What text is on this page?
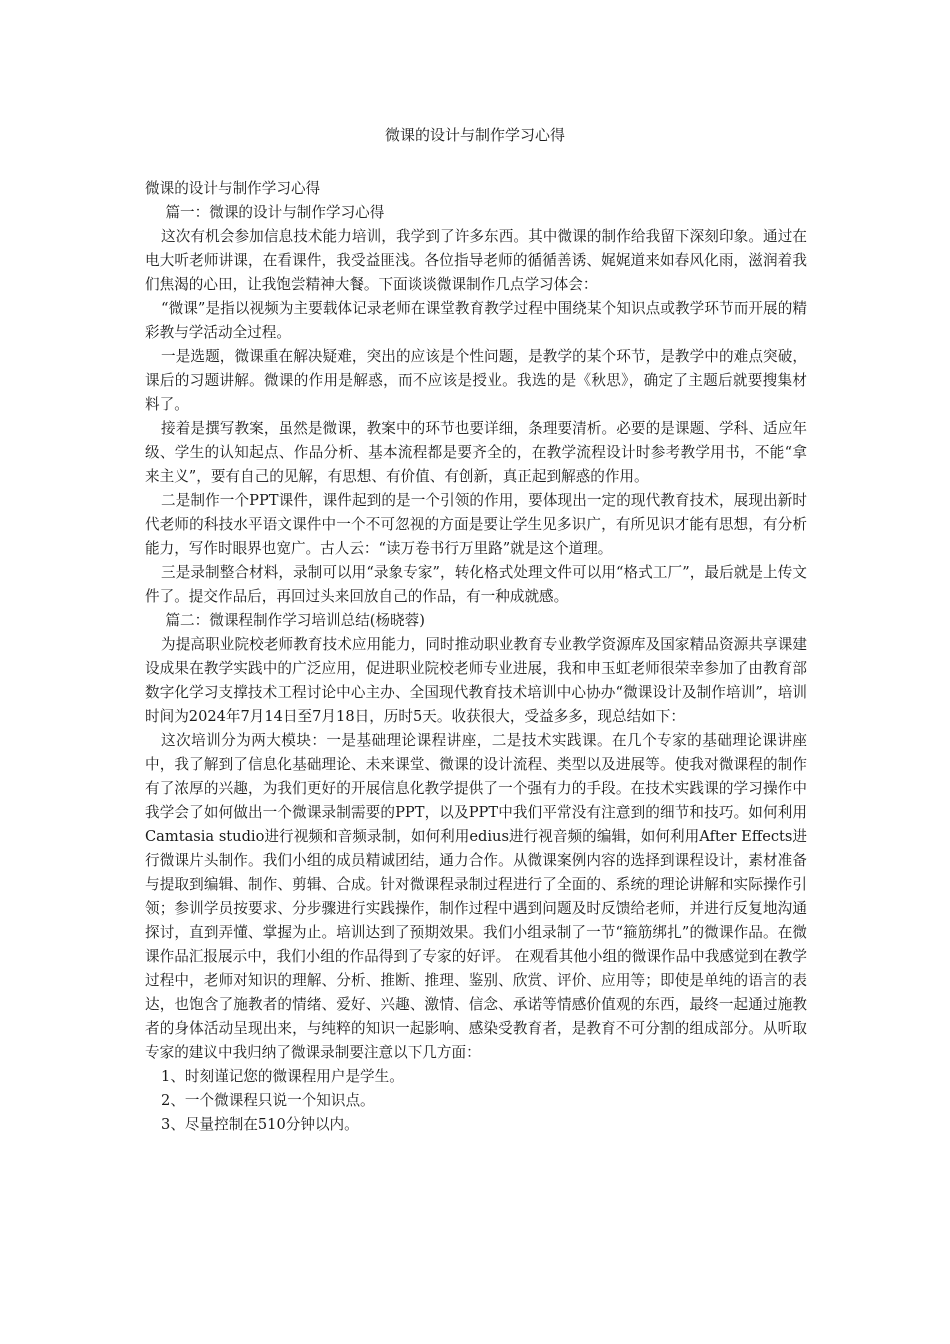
微课的设计与制作学习心得

微课的设计与制作学习心得

篇一：微课的设计与制作学习心得

这次有机会参加信息技术能力培训，我学到了许多东西。其中微课的制作给我留下深刻印象。通过在电大听老师讲课，在看课件，我受益匪浅。各位指导老师的循循善诱、娓娓道来如春风化雨，滋润着我们焦渴的心田，让我饱尝精神大餐。下面谈谈微课制作几点学习体会：

“微课”是指以视频为主要载体记录老师在课堂教育教学过程中围绕某个知识点或教学环节而开展的精彩教与学活动全过程。

一是选题，微课重在解决疑难，突出的应该是个性问题，是教学的某个环节，是教学中的难点突破，课后的习题讲解。微课的作用是解惑，而不应该是授业。我选的是《秋思》，确定了主题后就要搜集材料了。

接着是撰写教案，虽然是微课，教案中的环节也要详细，条理要清析。必要的是课题、学科、适应年级、学生的认知起点、作品分析、基本流程都是要齐全的，在教学流程设计时参考教学用书，不能“拿来主义”，要有自己的见解，有思想、有价值、有创新，真正起到解惑的作用。

二是制作一个PPT课件，课件起到的是一个引领的作用，要体现出一定的现代教育技术，展现出新时代老师的科技水平语文课件中一个不可忽视的方面是要让学生见多识广，有所见识才能有思想，有分析能力，写作时眼界也宽广。古人云：“读万卷书行万里路”就是这个道理。

三是录制整合材料，录制可以用“录象专家”，转化格式处理文件可以用“格式工厂”，最后就是上传文件了。提交作品后，再回过头来回放自己的作品，有一种成就感。

篇二：微课程制作学习培训总结(杨晓蓉)

为提高职业院校老师教育技术应用能力，同时推动职业教育专业教学资源库及国家精品资源共享课建设成果在教学实践中的广泛应用，促进职业院校老师专业进展，我和申玉虹老师很荣幸参加了由教育部数字化学习支撑技术工程讨论中心主办、全国现代教育技术培训中心协办“微课设计及制作培训”，培训时间为2024年7月14日至7月18日，历时5天。收获很大，受益多多，现总结如下：

这次培训分为两大模块：一是基础理论课程讲座，二是技术实践课。在几个专家的基础理论课讲座中，我了解到了信息化基础理论、未来课堂、微课的设计流程、类型以及进展等。使我对微课程的制作有了浓厚的兴趣，为我们更好的开展信息化教学提供了一个强有力的手段。在技术实践课的学习操作中我学会了如何做出一个微课录制需要的PPT，以及PPT中我们平常没有注意到的细节和技巧。如何利用Camtasia studio进行视频和音频录制，如何利用edius进行视音频的编辑，如何利用After Effects进行微课片头制作。我们小组的成员精诚团结，通力合作。从微课案例内容的选择到课程设计，素材准备与提取到编辑、制作、剪辑、合成。针对微课程录制过程进行了全面的、系统的理论讲解和实际操作引领；参训学员按要求、分步骤进行实践操作，制作过程中遇到问题及时反馈给老师，并进行反复地沟通探讨，直到弄懂、掌握为止。培训达到了预期效果。我们小组录制了一节“箍筋绑扎”的微课作品。在微课作品汇报展示中，我们小组的作品得到了专家的好评。 在观看其他小组的微课作品中我感觉到在教学过程中，老师对知识的理解、分析、推断、推理、鉴别、欣赏、评价、应用等；即使是单纯的语言的表达，也饱含了施教者的情绪、爱好、兴趣、激情、信念、承诺等情感价值观的东西，最终一起通过施教者的身体活动呈现出来，与纯粹的知识一起影响、感染受教育者，是教育不可分割的组成部分。从听取专家的建议中我归纳了微课录制要注意以下几方面：

1、时刻谨记您的微课程用户是学生。

2、一个微课程只说一个知识点。

3、尽量控制在510分钟以内。
